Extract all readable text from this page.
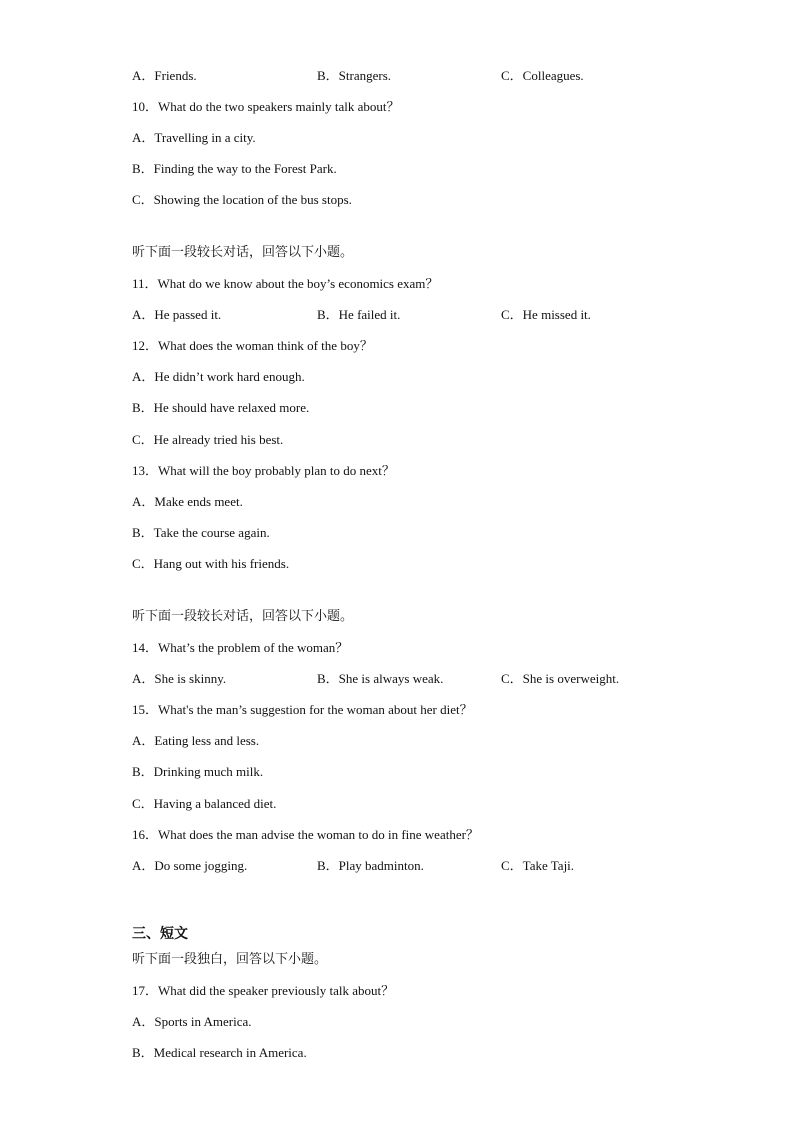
A．Friends.	B．Strangers.	C．Colleagues.
10．What do the two speakers mainly talk about？
A．Travelling in a city.
B．Finding the way to the Forest Park.
C．Showing the location of the bus stops.
听下面一段较长对话，回答以下小题。
11．What do we know about the boy’s economics exam？
A．He passed it.	B．He failed it.	C．He missed it.
12．What does the woman think of the boy？
A．He didn’t work hard enough.
B．He should have relaxed more.
C．He already tried his best.
13．What will the boy probably plan to do next？
A．Make ends meet.
B．Take the course again.
C．Hang out with his friends.
听下面一段较长对话，回答以下小题。
14．What’s the problem of the woman？
A．She is skinny.	B．She is always weak.	C．She is overweight.
15．What's the man’s suggestion for the woman about her diet？
A．Eating less and less.
B．Drinking much milk.
C．Having a balanced diet.
16．What does the man advise the woman to do in fine weather？
A．Do some jogging.	B．Play badminton.	C．Take Taji.
三、短文
听下面一段独白，回答以下小题。
17．What did the speaker previously talk about？
A．Sports in America.
B．Medical research in America.
